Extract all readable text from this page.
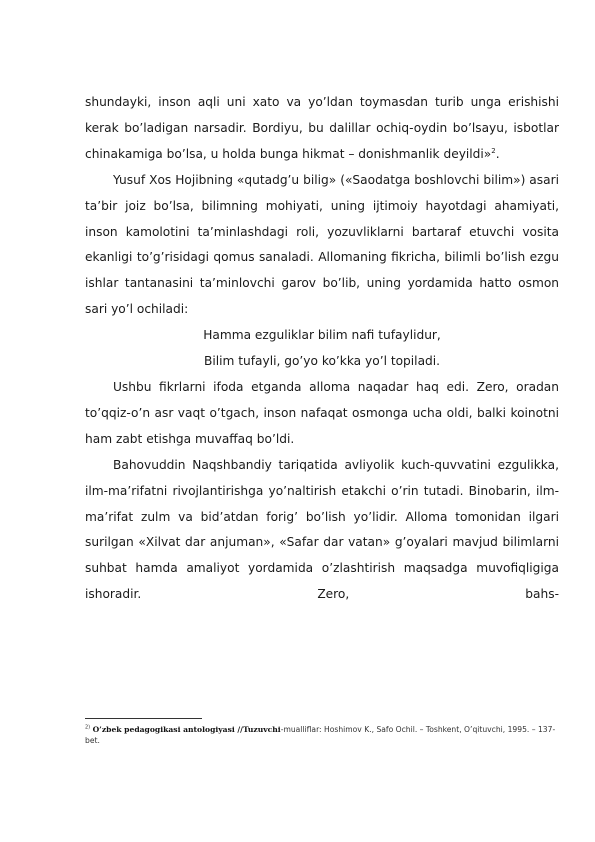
shundayki, inson aqli uni xato va yo’ldan toymasdan turib unga erishishi kerak bo’ladigan narsadir. Bordiyu, bu dalillar ochiq-oydin bo’lsayu, isbotlar chinakamiga bo’lsa, u holda bunga hikmat – donishmanlik deyildi»$^2$.

Yusuf Xos Hojibning «qutadg’u bilig» («Saodatga boshlovchi bilim») asari ta’bir joiz bo’lsa, bilimning mohiyati, uning ijtimoiy hayotdagi ahamiyati, inson kamolotini ta’minlashdagi roli, yozuvliklarni bartaraf etuvchi vosita ekanligi to’g’risidagi qomus sanaladi. Allomaning fikricha, bilimli bo’lish ezgu ishlar tantanasini ta’minlovchi garov bo’lib, uning yordamida hatto osmon sari yo’l ochiladi:

Hamma ezguliklar bilim nafi tufaylidur,

Bilim tufayli, go’yo ko’kka yo’l topiladi.

Ushbu fikrlarni ifoda etganda alloma naqadar haq edi. Zero, oradan to’qqiz-o’n asr vaqt o’tgach, inson nafaqat osmonga ucha oldi, balki koinotni ham zabt etishga muvaffaq bo’ldi.

Bahovuddin Naqshbandiy tariqatida avliyolik kuch-quvvatini ezgulikka, ilm-ma’rifatni rivojlantirishga yo’naltirish etakchi o’rin tutadi. Binobarin, ilm-ma’rifat zulm va bid’atdan forig’ bo’lish yo’lidir. Alloma tomonidan ilgari surilgan «Xilvat dar anjuman», «Safar dar vatan» g’oyalari mavjud bilimlarni suhbat hamda amaliyot yordamida o’zlashtirish maqsadga muvofiqligiga ishoradir. Zero, bahs-

$^{2)}$ O’zbek pedagogikasi antologiyasi //Tuzuvchi-mualliflar: Hoshimov K., Safo Ochil. – Toshkent, O’qituvchi, 1995. – 137-bet.
